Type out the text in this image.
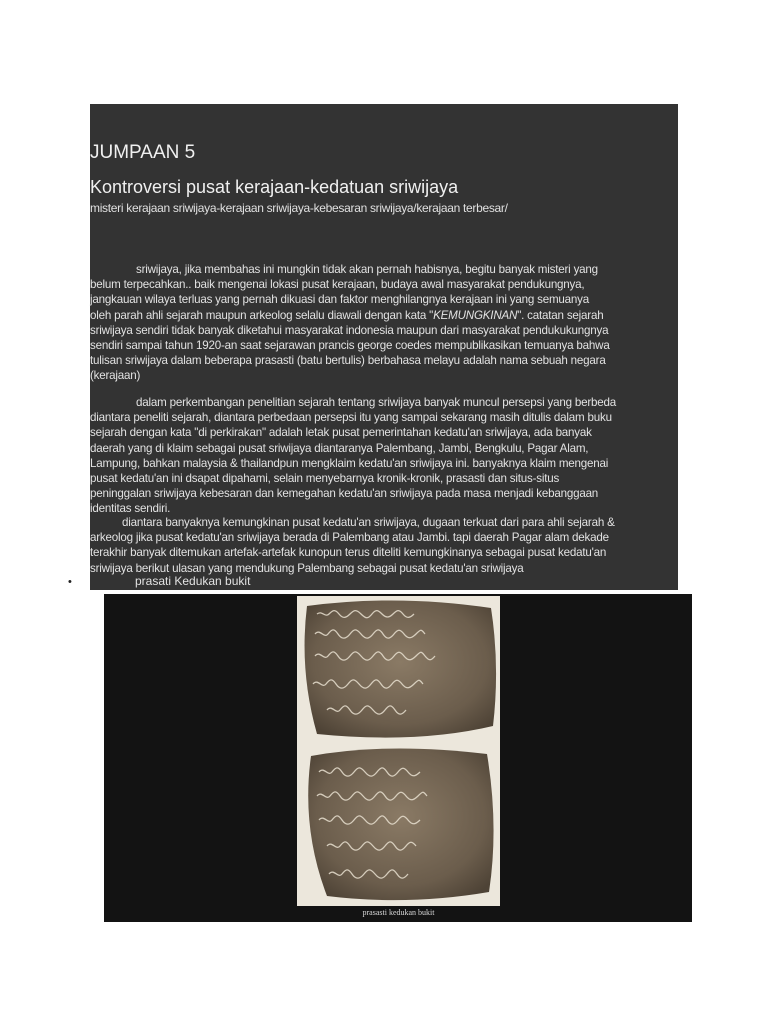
JUMPAAN 5
Kontroversi pusat kerajaan-kedatuan sriwijaya
misteri kerajaan sriwijaya-kerajaan sriwijaya-kebesaran sriwijaya/kerajaan terbesar/
sriwijaya, jika membahas ini mungkin tidak akan pernah habisnya, begitu banyak misteri yang
belum terpecahkan.. baik mengenai lokasi pusat kerajaan, budaya awal masyarakat pendukungnya,
jangkauan wilaya terluas yang pernah dikuasi dan faktor menghilangnya kerajaan ini yang semuanya
oleh parah ahli sejarah maupun arkeolog selalu diawali dengan kata "KEMUNGKINAN". catatan sejarah
sriwijaya sendiri tidak banyak diketahui masyarakat indonesia maupun dari masyarakat pendukukungnya
sendiri sampai tahun 1920-an saat sejarawan prancis george coedes mempublikasikan temuanya bahwa
tulisan sriwijaya dalam beberapa prasasti (batu bertulis) berbahasa melayu adalah nama sebuah negara
(kerajaan)
dalam perkembangan penelitian sejarah tentang sriwijaya banyak muncul persepsi yang berbeda
diantara peneliti sejarah, diantara perbedaan persepsi itu yang sampai sekarang masih ditulis dalam buku
sejarah dengan kata "di perkirakan" adalah letak pusat pemerintahan kedatu'an sriwijaya, ada banyak
daerah yang di klaim sebagai pusat sriwijaya diantaranya Palembang, Jambi, Bengkulu, Pagar Alam,
Lampung, bahkan malaysia & thailandpun mengklaim kedatu'an sriwijaya ini. banyaknya klaim mengenai
pusat kedatu'an ini dsapat dipahami, selain menyebarnya kronik-kronik, prasasti dan situs-situs
peninggalan sriwijaya kebesaran dan kemegahan kedatu'an sriwijaya pada masa menjadi kebanggaan
identitas sendiri.
diantara banyaknya kemungkinan pusat kedatu'an sriwijaya, dugaan terkuat dari para ahli sejarah &
arkeolog jika pusat kedatu'an sriwijaya berada di Palembang atau Jambi. tapi daerah Pagar alam dekade
terakhir banyak ditemukan artefak-artefak kunopun terus diteliti kemungkinanya sebagai pusat kedatu'an
sriwijaya berikut ulasan yang mendukung Palembang sebagai pusat kedatu'an sriwijaya
•	prasati Kedukan bukit
prasasti kedukan bukit
